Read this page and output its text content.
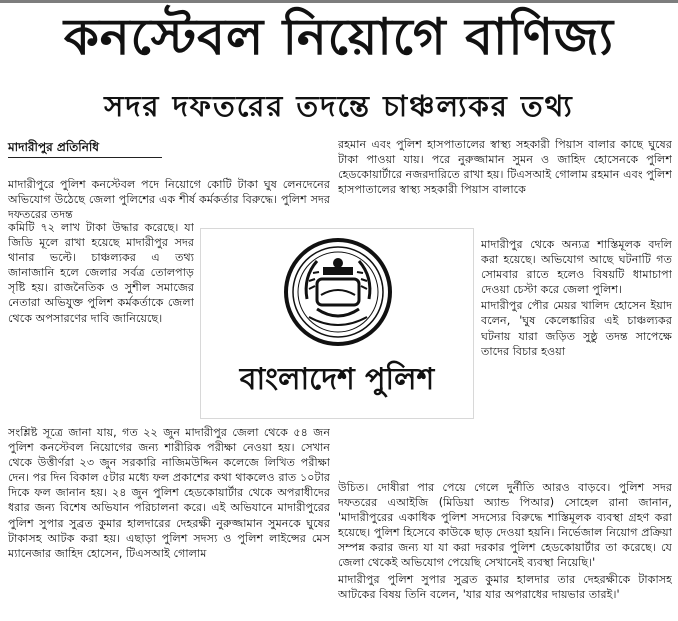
কনস্টেবল নিয়োগে বাণিজ্য
সদর দফতরের তদন্তে চাঞ্চল্যকর তথ্য
মাদারীপুর প্রতিনিধি

মাদারীপুরে পুলিশ কনস্টেবল পদে নিয়োগে কোটি টাকা ঘুষ লেনদেনের অভিযোগ উঠেছে জেলা পুলিশের এক শীর্ষ কর্মকর্তার বিরুদ্ধে। পুলিশ সদর দফতরের তদন্ত

কমিটি ৭২ লাখ টাকা উদ্ধার করেছে। যা জিডি মূলে রাখা হয়েছে মাদারীপুর সদর থানার ভল্টে। চাঞ্চল্যকর এ তথ্য জানাজানি হলে জেলার সর্বত্র তোলপাড় সৃষ্টি হয়। রাজনৈতিক ও সুশীল সমাজের নেতারা অভিযুক্ত পুলিশ কর্মকর্তাকে জেলা থেকে অপসারণের দাবি জানিয়েছে।

সংশ্লিষ্ট সূত্রে জানা যায়, গত ২২ জুন মাদারীপুর জেলা থেকে ৫৪ জন পুলিশ কনস্টেবল নিয়োগের জন্য শারীরিক পরীক্ষা নেওয়া হয়। সেখান থেকে উত্তীর্ণরা ২৩ জুন সরকারি নাজিমউদ্দিন কলেজে লিখিত পরীক্ষা দেন। পর দিন বিকাল ৫টার মধ্যে ফল প্রকাশের কথা থাকলেও রাত ১০টার দিকে ফল জানান হয়। ২৪ জুন পুলিশ হেডকোয়ার্টার থেকে অপরাধীদের ধরার জন্য বিশেষ অভিযান পরিচালনা করে। এই অভিযানে মাদারীপুরের পুলিশ সুপার সুব্রত কুমার হালদারের দেহরক্ষী নুরুজ্জামান সুমনকে ঘুষের টাকাসহ আটক করা হয়। এছাড়া পুলিশ সদস্য ও পুলিশ লাইন্সের মেস ম্যানেজার জাহিদ হোসেন, টিএসআই গোলাম

রহমান এবং পুলিশ হাসপাতালের স্বাস্থ্য সহকারী পিয়াস বালার কাছে ঘুষের টাকা পাওয়া যায়। পরে নুরুজ্জামান সুমন ও জাহিদ হোসেনকে পুলিশ হেডকোয়ার্টারে নজরদারিতে রাখা হয়। টিএসআই গোলাম রহমান এবং পুলিশ হাসপাতালের স্বাস্থ্য সহকারী পিয়াস বালাকে

মাদারীপুর থেকে অন্যত্র শাস্তিমূলক বদলি করা হয়েছে। অভিযোগ আছে ঘটনাটি গত সোমবার রাতে হলেও বিষয়টি ধামাচাপা দেওয়া চেস্টা করে জেলা পুলিশ।

মাদারীপুর পৌর মেয়র খালিদ হোসেন ইয়াদ বলেন, 'ঘুষ কেলেঙ্কারির এই চাঞ্চল্যকর ঘটনায় যারা জড়িত সুষ্ঠু তদন্ত সাপেক্ষে তাদের বিচার হওয়া

উচিত। দোষীরা পার পেয়ে গেলে দুর্নীতি আরও বাড়বে। পুলিশ সদর দফতরের এআইজি (মিডিয়া অ্যান্ড পিআর) সোহেল রানা জানান, 'মাদারীপুরের একাধিক পুলিশ সদস্যের বিরুদ্ধে শাস্তিমূলক ব্যবস্থা গ্রহণ করা হয়েছে। পুলিশ হিসেবে কাউকে ছাড় দেওয়া হয়নি। নির্ভেজাল নিয়োগ প্রক্রিয়া সম্পন্ন করার জন্য যা যা করা দরকার পুলিশ হেডকোয়ার্টার তা করেছে। যে জেলা থেকেই অভিযোগ পেয়েছি সেখানেই ব্যবস্থা নিয়েছি।'

মাদারীপুর পুলিশ সুপার সুব্রত কুমার হালদার তার দেহরক্ষীকে টাকাসহ আটকের বিষয় তিনি বলেন, 'যার যার অপরাধের দায়ভার তারই।'

বাংলাদেশ পুলিশ
